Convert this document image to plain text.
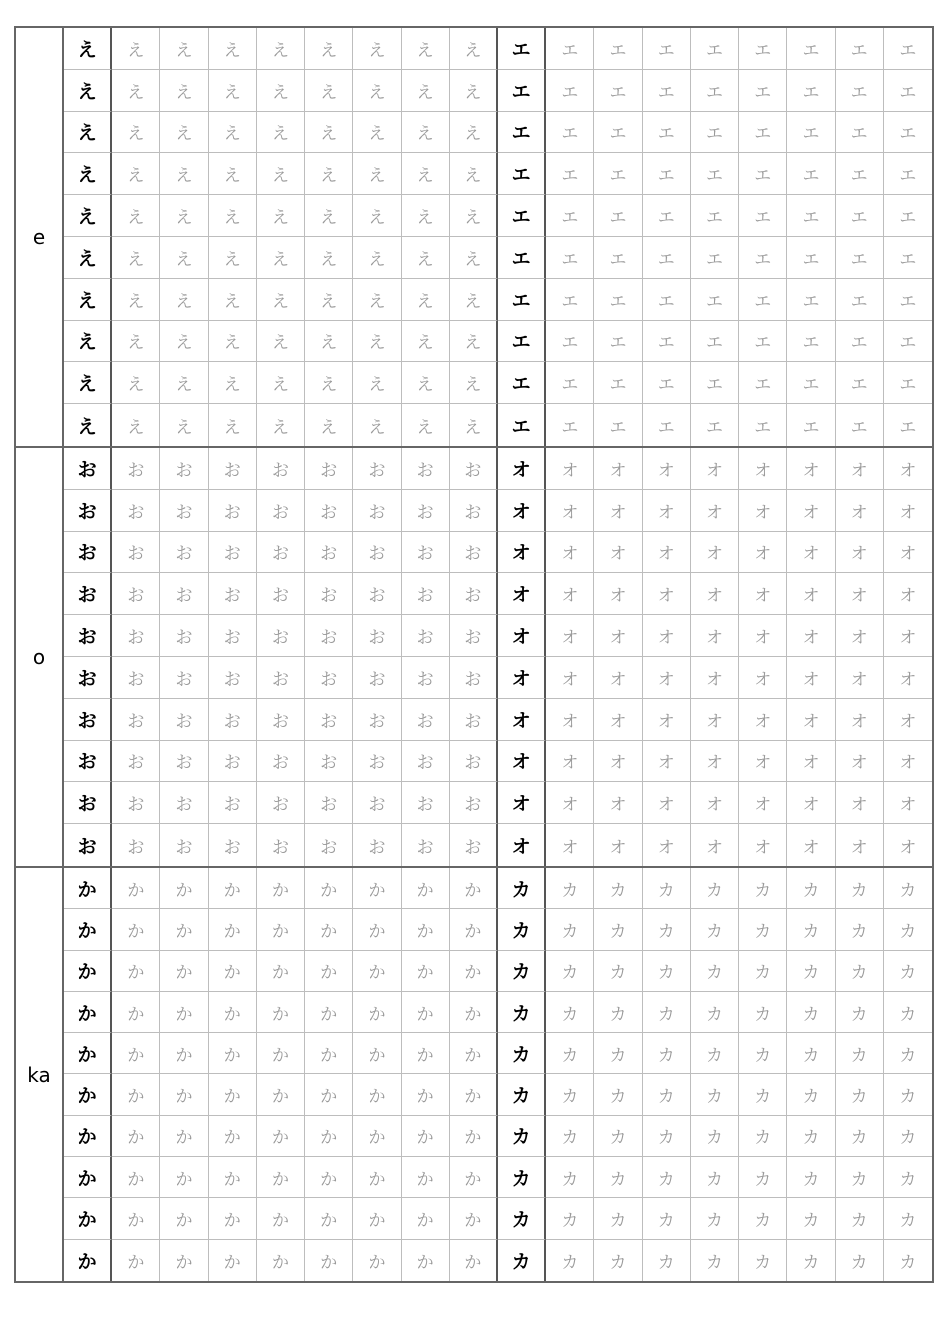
e
え	え	え	え	え	え	え	え	え	エ	エ	エ	エ	エ	エ	エ	エ	エ
え	え	え	え	え	え	え	え	え	エ	エ	エ	エ	エ	エ	エ	エ	エ
え	え	え	え	え	え	え	え	え	エ	エ	エ	エ	エ	エ	エ	エ	エ
え	え	え	え	え	え	え	え	え	エ	エ	エ	エ	エ	エ	エ	エ	エ
え	え	え	え	え	え	え	え	え	エ	エ	エ	エ	エ	エ	エ	エ	エ
え	え	え	え	え	え	え	え	え	エ	エ	エ	エ	エ	エ	エ	エ	エ
え	え	え	え	え	え	え	え	え	エ	エ	エ	エ	エ	エ	エ	エ	エ
え	え	え	え	え	え	え	え	え	エ	エ	エ	エ	エ	エ	エ	エ	エ
え	え	え	え	え	え	え	え	え	エ	エ	エ	エ	エ	エ	エ	エ	エ
え	え	え	え	え	え	え	え	え	エ	エ	エ	エ	エ	エ	エ	エ	エ
o
お	お	お	お	お	お	お	お	お	オ	オ	オ	オ	オ	オ	オ	オ	オ
お	お	お	お	お	お	お	お	お	オ	オ	オ	オ	オ	オ	オ	オ	オ
お	お	お	お	お	お	お	お	お	オ	オ	オ	オ	オ	オ	オ	オ	オ
お	お	お	お	お	お	お	お	お	オ	オ	オ	オ	オ	オ	オ	オ	オ
お	お	お	お	お	お	お	お	お	オ	オ	オ	オ	オ	オ	オ	オ	オ
お	お	お	お	お	お	お	お	お	オ	オ	オ	オ	オ	オ	オ	オ	オ
お	お	お	お	お	お	お	お	お	オ	オ	オ	オ	オ	オ	オ	オ	オ
お	お	お	お	お	お	お	お	お	オ	オ	オ	オ	オ	オ	オ	オ	オ
お	お	お	お	お	お	お	お	お	オ	オ	オ	オ	オ	オ	オ	オ	オ
お	お	お	お	お	お	お	お	お	オ	オ	オ	オ	オ	オ	オ	オ	オ
ka
か	か	か	か	か	か	か	か	か	カ	カ	カ	カ	カ	カ	カ	カ	カ
か	か	か	か	か	か	か	か	か	カ	カ	カ	カ	カ	カ	カ	カ	カ
か	か	か	か	か	か	か	か	か	カ	カ	カ	カ	カ	カ	カ	カ	カ
か	か	か	か	か	か	か	か	か	カ	カ	カ	カ	カ	カ	カ	カ	カ
か	か	か	か	か	か	か	か	か	カ	カ	カ	カ	カ	カ	カ	カ	カ
か	か	か	か	か	か	か	か	か	カ	カ	カ	カ	カ	カ	カ	カ	カ
か	か	か	か	か	か	か	か	か	カ	カ	カ	カ	カ	カ	カ	カ	カ
か	か	か	か	か	か	か	か	か	カ	カ	カ	カ	カ	カ	カ	カ	カ
か	か	か	か	か	か	か	か	か	カ	カ	カ	カ	カ	カ	カ	カ	カ
か	か	か	か	か	か	か	か	か	カ	カ	カ	カ	カ	カ	カ	カ	カ
